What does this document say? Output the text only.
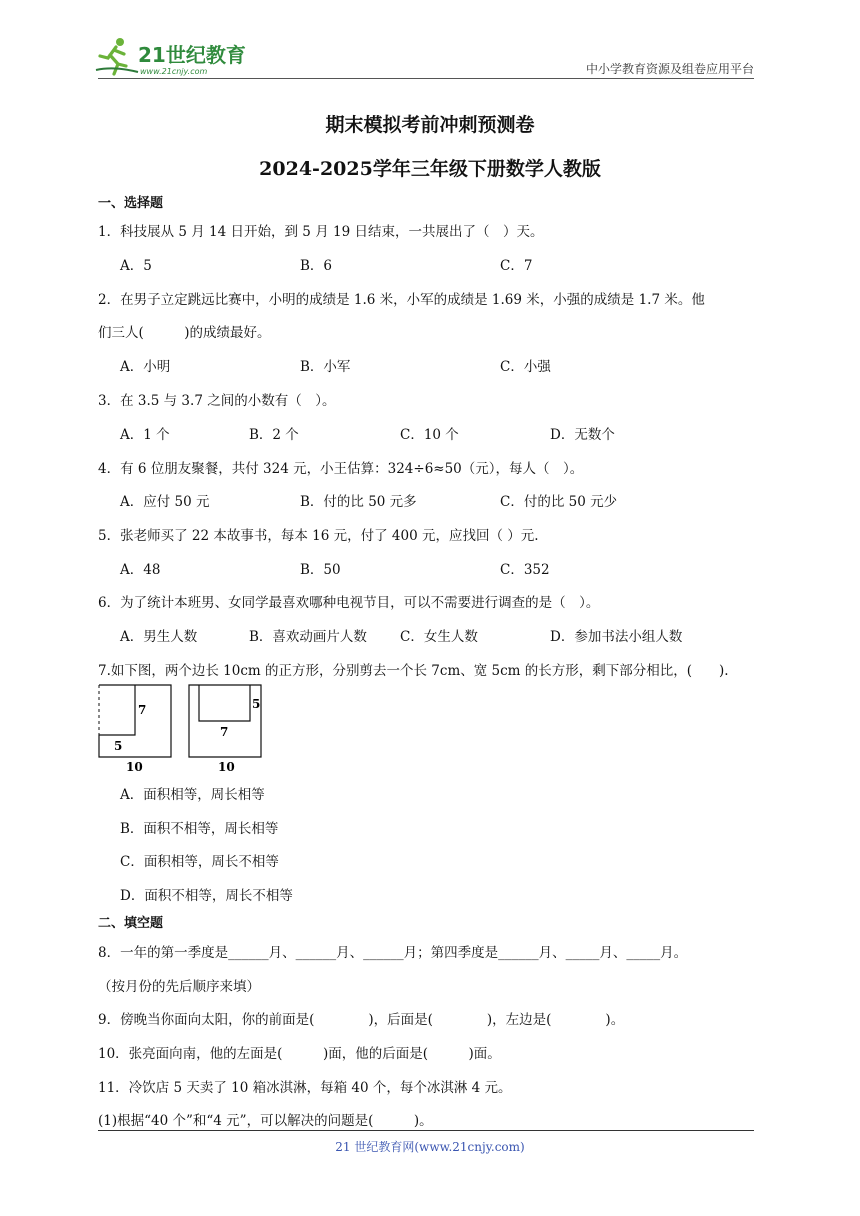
21世纪教育
www.21cnjy.com	中小学教育资源及组卷应用平台
期末模拟考前冲刺预测卷
2024-2025学年三年级下册数学人教版
一、选择题
1．科技展从 5 月 14 日开始，到 5 月 19 日结束，一共展出了（　）天。
A．5	B．6	C．7
2．在男子立定跳远比赛中，小明的成绩是 1.6 米，小军的成绩是 1.69 米，小强的成绩是 1.7 米。他
们三人(　　　)的成绩最好。
A．小明	B．小军	C．小强
3．在 3.5 与 3.7 之间的小数有（　）。
A．1 个	B．2 个	C．10 个	D．无数个
4．有 6 位朋友聚餐，共付 324 元，小王估算：324÷6≈50（元），每人（　）。
A．应付 50 元	B．付的比 50 元多	C．付的比 50 元少
5．张老师买了 22 本故事书，每本 16 元，付了 400 元，应找回（ ）元.
A．48	B．50	C．352
6．为了统计本班男、女同学最喜欢哪种电视节目，可以不需要进行调查的是（　）。
A．男生人数	B．喜欢动画片人数 C．女生人数	D．参加书法小组人数
7.如下图，两个边长 10cm 的正方形，分别剪去一个长 7cm、宽 5cm 的长方形，剩下部分相比，(　　).
7
5
10
5
7
10
A．面积相等，周长相等
B．面积不相等，周长相等
C．面积相等，周长不相等
D．面积不相等，周长不相等
二、填空题
8．一年的第一季度是______月、______月、______月；第四季度是______月、_____月、_____月。
（按月份的先后顺序来填）
9．傍晚当你面向太阳，你的前面是(　　　　)，后面是(　　　　)，左边是(　　　　)。
10．张亮面向南，他的左面是(　　　)面，他的后面是(　　　)面。
11．冷饮店 5 天卖了 10 箱冰淇淋，每箱 40 个，每个冰淇淋 4 元。
(1)根据“40 个”和“4 元”，可以解决的问题是(　　　)。
21 世纪教育网(www.21cnjy.com)
